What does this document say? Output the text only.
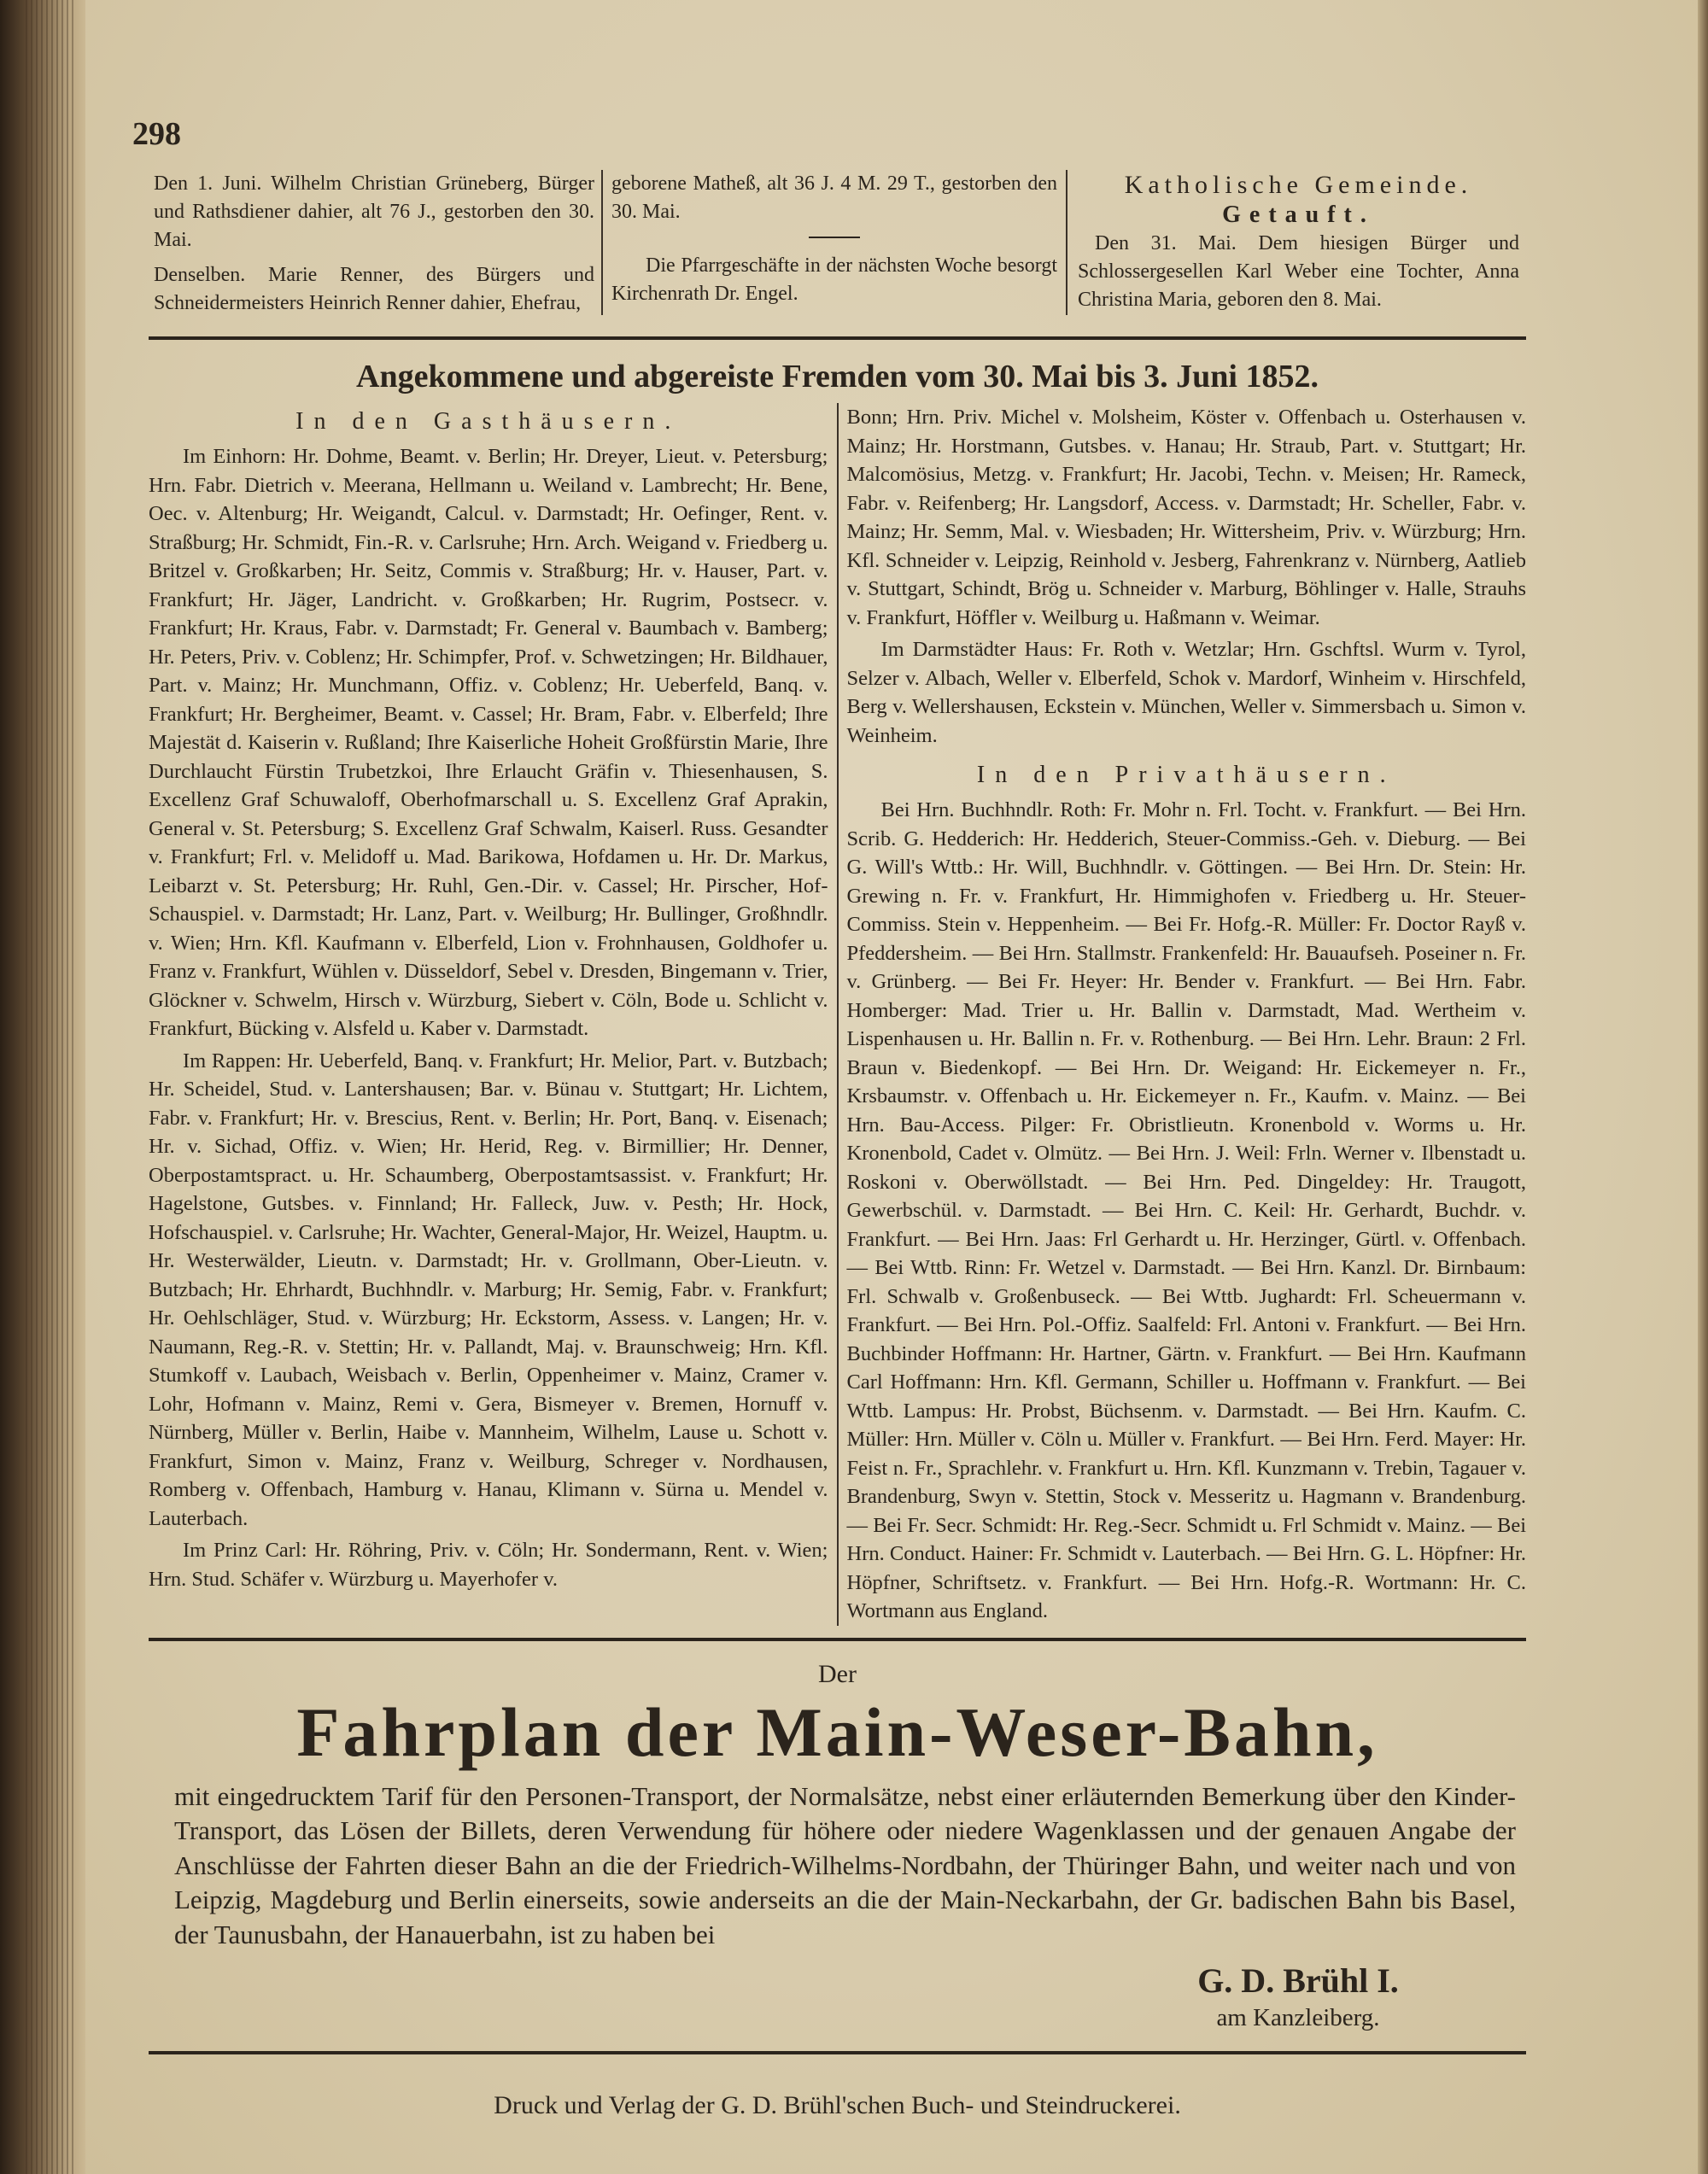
298

Den 1. Juni. Wilhelm Christian Grüneberg, Bürger und Rathsdiener dahier, alt 76 J., gestorben den 30. Mai.

Denselben. Marie Renner, des Bürgers und Schneidermeisters Heinrich Renner dahier, Ehefrau,

geborene Matheß, alt 36 J. 4 M. 29 T., gestorben den 30. Mai.

Die Pfarrgeschäfte in der nächsten Woche besorgt Kirchenrath Dr. Engel.

Katholische Gemeinde.
Getauft.

Den 31. Mai. Dem hiesigen Bürger und Schlossergesellen Karl Weber eine Tochter, Anna Christina Maria, geboren den 8. Mai.

Angekommene und abgereiste Fremden vom 30. Mai bis 3. Juni 1852.
In den Gasthäusern.

Im Einhorn: Hr. Dohme, Beamt. v. Berlin; Hr. Dreyer, Lieut. v. Petersburg; Hrn. Fabr. Dietrich v. Meerana, Hellmann u. Weiland v. Lambrecht; Hr. Bene, Oec. v. Altenburg; Hr. Weigandt, Calcul. v. Darmstadt; Hr. Oefinger, Rent. v. Straßburg; Hr. Schmidt, Fin.-R. v. Carlsruhe; Hrn. Arch. Weigand v. Friedberg u. Britzel v. Großkarben; Hr. Seitz, Commis v. Straßburg; Hr. v. Hauser, Part. v. Frankfurt; Hr. Jäger, Landricht. v. Großkarben; Hr. Rugrim, Postsecr. v. Frankfurt; Hr. Kraus, Fabr. v. Darmstadt; Fr. General v. Baumbach v. Bamberg; Hr. Peters, Priv. v. Coblenz; Hr. Schimpfer, Prof. v. Schwetzingen; Hr. Bildhauer, Part. v. Mainz; Hr. Munchmann, Offiz. v. Coblenz; Hr. Ueberfeld, Banq. v. Frankfurt; Hr. Bergheimer, Beamt. v. Cassel; Hr. Bram, Fabr. v. Elberfeld; Ihre Majestät d. Kaiserin v. Rußland; Ihre Kaiserliche Hoheit Großfürstin Marie, Ihre Durchlaucht Fürstin Trubetzkoi, Ihre Erlaucht Gräfin v. Thiesenhausen, S. Excellenz Graf Schuwaloff, Oberhofmarschall u. S. Excellenz Graf Aprakin, General v. St. Petersburg; S. Excellenz Graf Schwalm, Kaiserl. Russ. Gesandter v. Frankfurt; Frl. v. Melidoff u. Mad. Barikowa, Hofdamen u. Hr. Dr. Markus, Leibarzt v. St. Petersburg; Hr. Ruhl, Gen.-Dir. v. Cassel; Hr. Pirscher, Hof-Schauspiel. v. Darmstadt; Hr. Lanz, Part. v. Weilburg; Hr. Bullinger, Großhndlr. v. Wien; Hrn. Kfl. Kaufmann v. Elberfeld, Lion v. Frohnhausen, Goldhofer u. Franz v. Frankfurt, Wühlen v. Düsseldorf, Sebel v. Dresden, Bingemann v. Trier, Glöckner v. Schwelm, Hirsch v. Würzburg, Siebert v. Cöln, Bode u. Schlicht v. Frankfurt, Bücking v. Alsfeld u. Kaber v. Darmstadt.

Im Rappen: Hr. Ueberfeld, Banq. v. Frankfurt; Hr. Melior, Part. v. Butzbach; Hr. Scheidel, Stud. v. Lantershausen; Bar. v. Bünau v. Stuttgart; Hr. Lichtem, Fabr. v. Frankfurt; Hr. v. Brescius, Rent. v. Berlin; Hr. Port, Banq. v. Eisenach; Hr. v. Sichad, Offiz. v. Wien; Hr. Herid, Reg. v. Birmillier; Hr. Denner, Oberpostamtspract. u. Hr. Schaumberg, Oberpostamtsassist. v. Frankfurt; Hr. Hagelstone, Gutsbes. v. Finnland; Hr. Falleck, Juw. v. Pesth; Hr. Hock, Hofschauspiel. v. Carlsruhe; Hr. Wachter, General-Major, Hr. Weizel, Hauptm. u. Hr. Westerwälder, Lieutn. v. Darmstadt; Hr. v. Grollmann, Ober-Lieutn. v. Butzbach; Hr. Ehrhardt, Buchhndlr. v. Marburg; Hr. Semig, Fabr. v. Frankfurt; Hr. Oehlschläger, Stud. v. Würzburg; Hr. Eckstorm, Assess. v. Langen; Hr. v. Naumann, Reg.-R. v. Stettin; Hr. v. Pallandt, Maj. v. Braunschweig; Hrn. Kfl. Stumkoff v. Laubach, Weisbach v. Berlin, Oppenheimer v. Mainz, Cramer v. Lohr, Hofmann v. Mainz, Remi v. Gera, Bismeyer v. Bremen, Hornuff v. Nürnberg, Müller v. Berlin, Haibe v. Mannheim, Wilhelm, Lause u. Schott v. Frankfurt, Simon v. Mainz, Franz v. Weilburg, Schreger v. Nordhausen, Romberg v. Offenbach, Hamburg v. Hanau, Klimann v. Sürna u. Mendel v. Lauterbach.

Im Prinz Carl: Hr. Röhring, Priv. v. Cöln; Hr. Sondermann, Rent. v. Wien; Hrn. Stud. Schäfer v. Würzburg u. Mayerhofer v.

Bonn; Hrn. Priv. Michel v. Molsheim, Köster v. Offenbach u. Osterhausen v. Mainz; Hr. Horstmann, Gutsbes. v. Hanau; Hr. Straub, Part. v. Stuttgart; Hr. Malcomösius, Metzg. v. Frankfurt; Hr. Jacobi, Techn. v. Meisen; Hr. Rameck, Fabr. v. Reifenberg; Hr. Langsdorf, Access. v. Darmstadt; Hr. Scheller, Fabr. v. Mainz; Hr. Semm, Mal. v. Wiesbaden; Hr. Wittersheim, Priv. v. Würzburg; Hrn. Kfl. Schneider v. Leipzig, Reinhold v. Jesberg, Fahrenkranz v. Nürnberg, Aatlieb v. Stuttgart, Schindt, Brög u. Schneider v. Marburg, Böhlinger v. Halle, Strauhs v. Frankfurt, Höffler v. Weilburg u. Haßmann v. Weimar.

Im Darmstädter Haus: Fr. Roth v. Wetzlar; Hrn. Gschftsl. Wurm v. Tyrol, Selzer v. Albach, Weller v. Elberfeld, Schok v. Mardorf, Winheim v. Hirschfeld, Berg v. Wellershausen, Eckstein v. München, Weller v. Simmersbach u. Simon v. Weinheim.

In den Privathäusern.

Bei Hrn. Buchhndlr. Roth: Fr. Mohr n. Frl. Tocht. v. Frankfurt. — Bei Hrn. Scrib. G. Hedderich: Hr. Hedderich, Steuer-Commiss.-Geh. v. Dieburg. — Bei G. Will's Wttb.: Hr. Will, Buchhndlr. v. Göttingen. — Bei Hrn. Dr. Stein: Hr. Grewing n. Fr. v. Frankfurt, Hr. Himmighofen v. Friedberg u. Hr. Steuer-Commiss. Stein v. Heppenheim. — Bei Fr. Hofg.-R. Müller: Fr. Doctor Rayß v. Pfeddersheim. — Bei Hrn. Stallmstr. Frankenfeld: Hr. Bauaufseh. Poseiner n. Fr. v. Grünberg. — Bei Fr. Heyer: Hr. Bender v. Frankfurt. — Bei Hrn. Fabr. Homberger: Mad. Trier u. Hr. Ballin v. Darmstadt, Mad. Wertheim v. Lispenhausen u. Hr. Ballin n. Fr. v. Rothenburg. — Bei Hrn. Lehr. Braun: 2 Frl. Braun v. Biedenkopf. — Bei Hrn. Dr. Weigand: Hr. Eickemeyer n. Fr., Krsbaumstr. v. Offenbach u. Hr. Eickemeyer n. Fr., Kaufm. v. Mainz. — Bei Hrn. Bau-Access. Pilger: Fr. Obristlieutn. Kronenbold v. Worms u. Hr. Kronenbold, Cadet v. Olmütz. — Bei Hrn. J. Weil: Frln. Werner v. Ilbenstadt u. Roskoni v. Oberwöllstadt. — Bei Hrn. Ped. Dingeldey: Hr. Traugott, Gewerbschül. v. Darmstadt. — Bei Hrn. C. Keil: Hr. Gerhardt, Buchdr. v. Frankfurt. — Bei Hrn. Jaas: Frl Gerhardt u. Hr. Herzinger, Gürtl. v. Offenbach. — Bei Wttb. Rinn: Fr. Wetzel v. Darmstadt. — Bei Hrn. Kanzl. Dr. Birnbaum: Frl. Schwalb v. Großenbuseck. — Bei Wttb. Jughardt: Frl. Scheuermann v. Frankfurt. — Bei Hrn. Pol.-Offiz. Saalfeld: Frl. Antoni v. Frankfurt. — Bei Hrn. Buchbinder Hoffmann: Hr. Hartner, Gärtn. v. Frankfurt. — Bei Hrn. Kaufmann Carl Hoffmann: Hrn. Kfl. Germann, Schiller u. Hoffmann v. Frankfurt. — Bei Wttb. Lampus: Hr. Probst, Büchsenm. v. Darmstadt. — Bei Hrn. Kaufm. C. Müller: Hrn. Müller v. Cöln u. Müller v. Frankfurt. — Bei Hrn. Ferd. Mayer: Hr. Feist n. Fr., Sprachlehr. v. Frankfurt u. Hrn. Kfl. Kunzmann v. Trebin, Tagauer v. Brandenburg, Swyn v. Stettin, Stock v. Messeritz u. Hagmann v. Brandenburg. — Bei Fr. Secr. Schmidt: Hr. Reg.-Secr. Schmidt u. Frl Schmidt v. Mainz. — Bei Hrn. Conduct. Hainer: Fr. Schmidt v. Lauterbach. — Bei Hrn. G. L. Höpfner: Hr. Höpfner, Schriftsetz. v. Frankfurt. — Bei Hrn. Hofg.-R. Wortmann: Hr. C. Wortmann aus England.

Der
Fahrplan der Main-Weser-Bahn,
mit eingedrucktem Tarif für den Personen-Transport, der Normalsätze, nebst einer erläuternden Bemerkung über den Kinder-Transport, das Lösen der Billets, deren Verwendung für höhere oder niedere Wagenklassen und der genauen Angabe der Anschlüsse der Fahrten dieser Bahn an die der Friedrich-Wilhelms-Nordbahn, der Thüringer Bahn, und weiter nach und von Leipzig, Magdeburg und Berlin einerseits, sowie anderseits an die der Main-Neckarbahn, der Gr. badischen Bahn bis Basel, der Taunusbahn, der Hanauerbahn, ist zu haben bei
G. D. Brühl I.
am Kanzleiberg.
Druck und Verlag der G. D. Brühl'schen Buch- und Steindruckerei.
